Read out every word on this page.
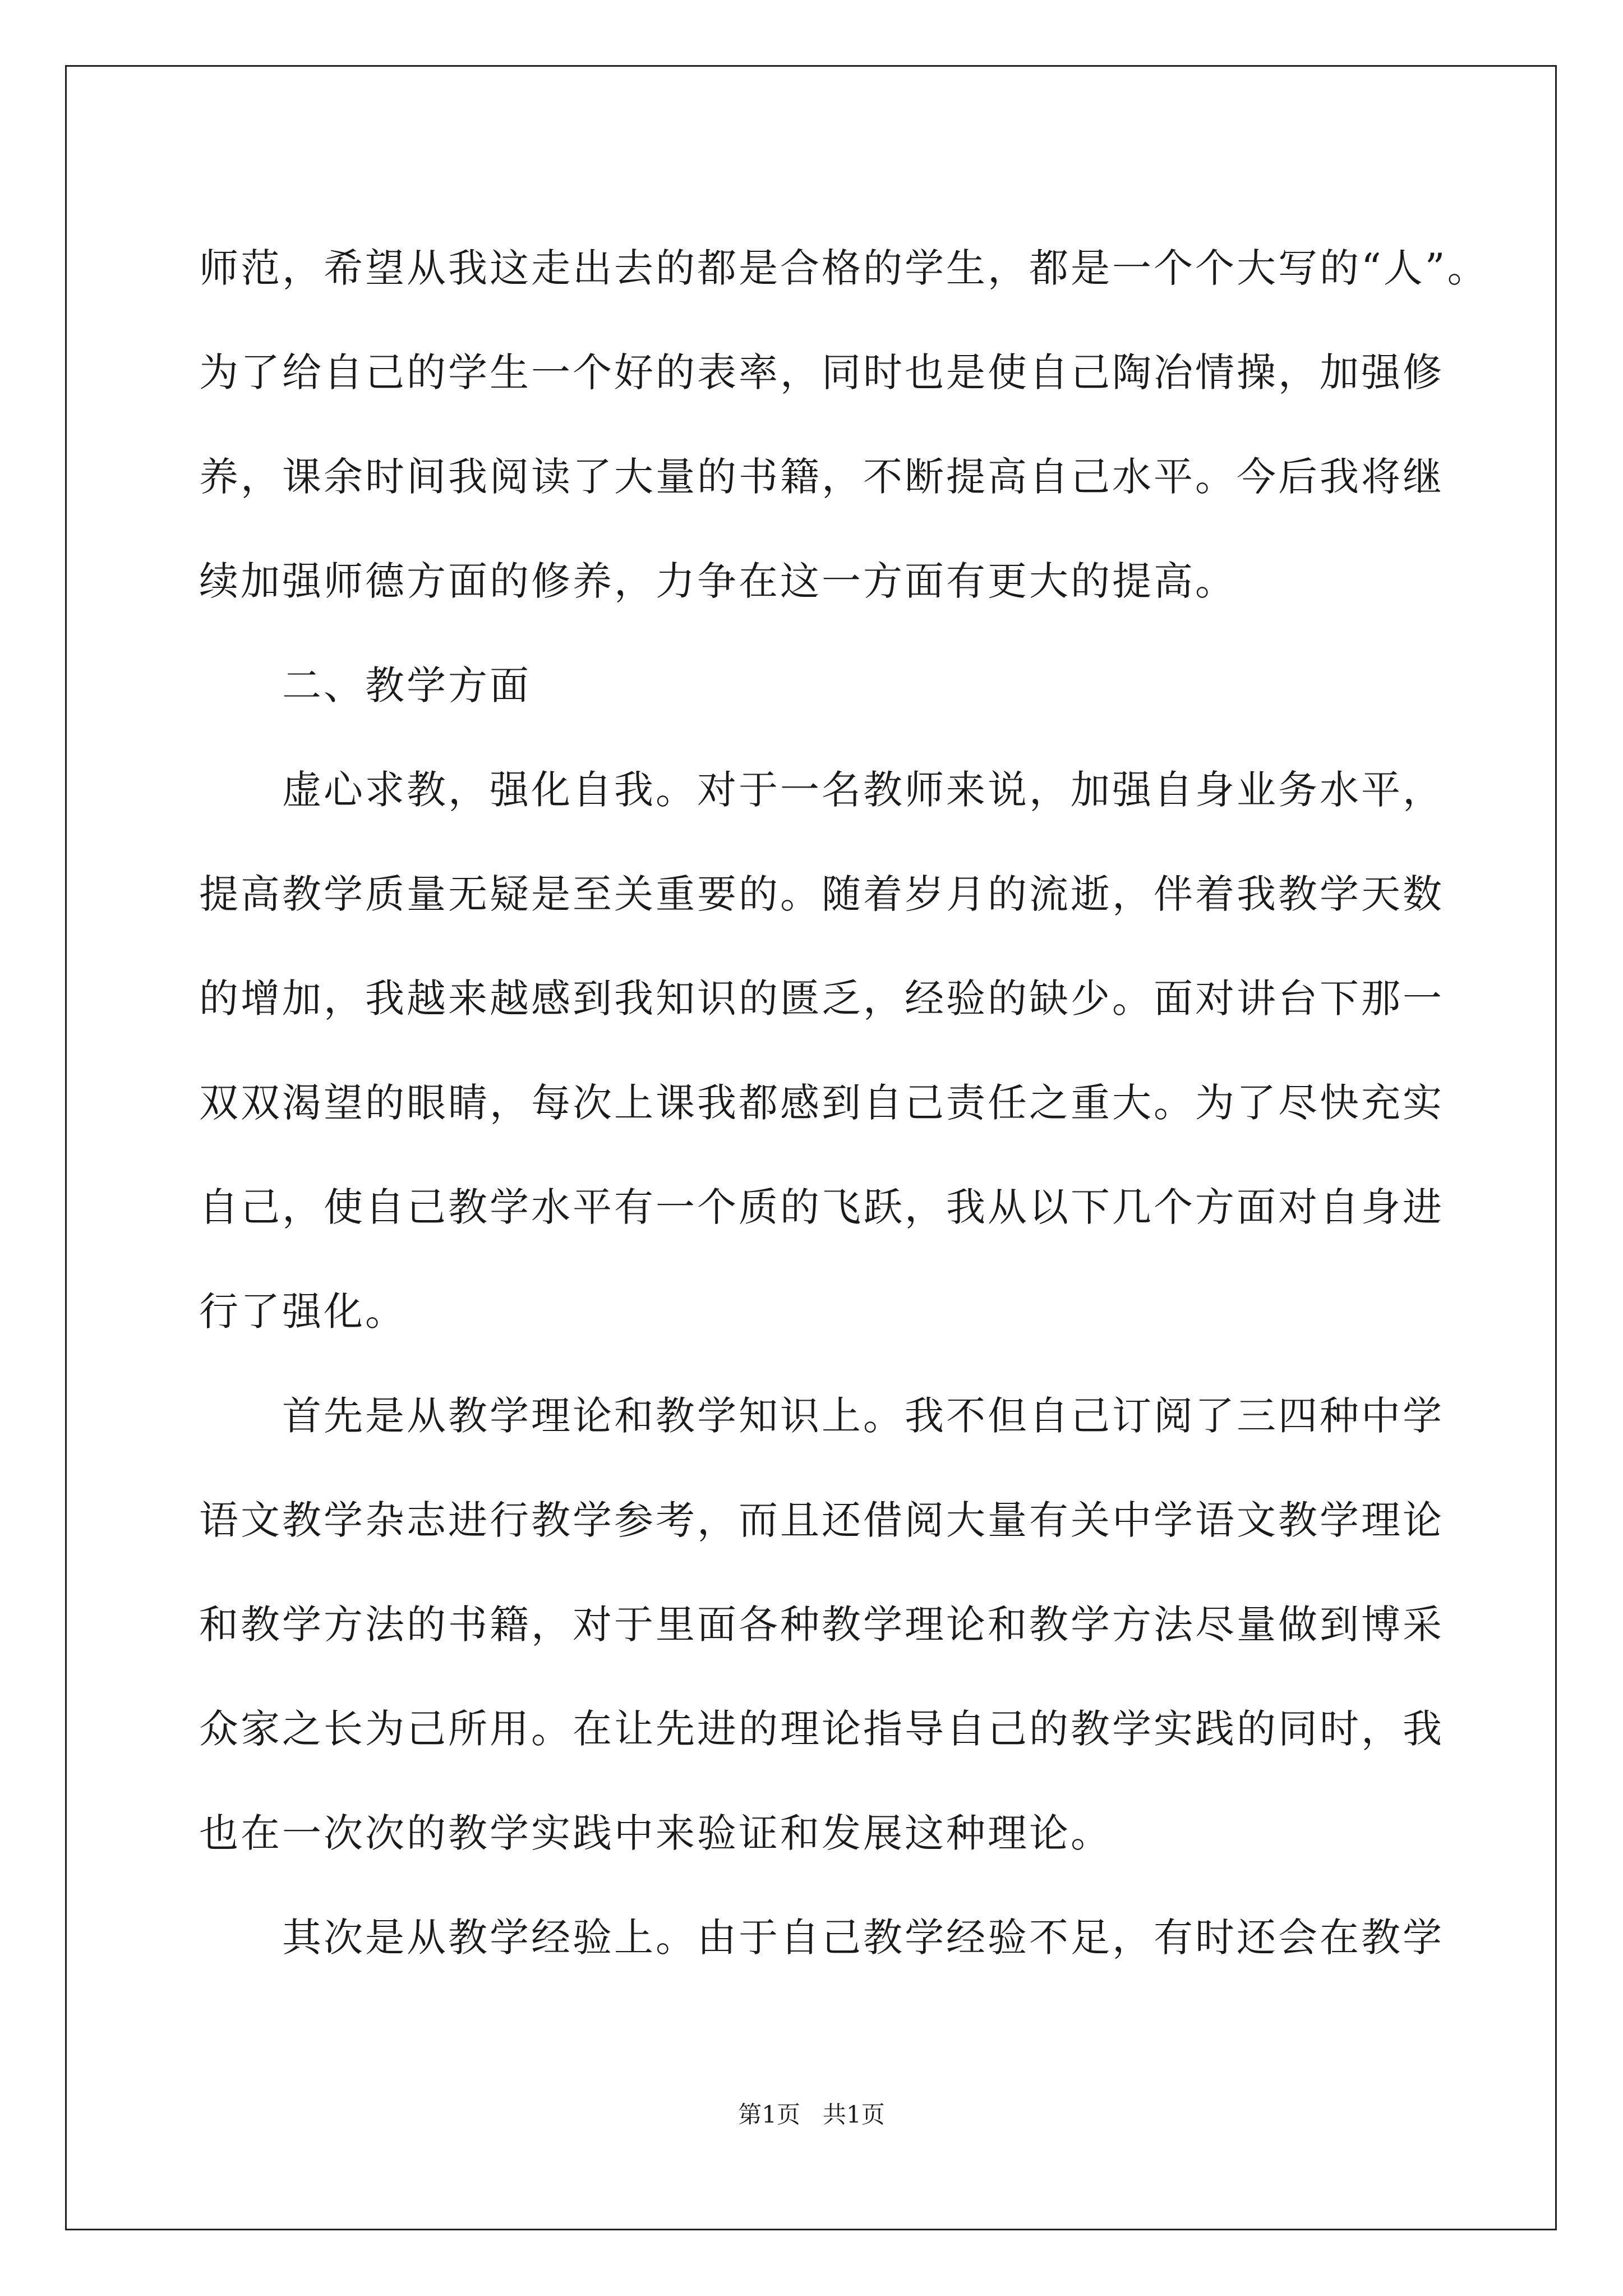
师范，希望从我这走出去的都是合格的学生，都是一个个大写的“人”。
为了给自己的学生一个好的表率，同时也是使自己陶冶情操，加强修
养，课余时间我阅读了大量的书籍，不断提高自己水平。今后我将继
续加强师德方面的修养，力争在这一方面有更大的提高。
二、教学方面
虚心求教，强化自我。对于一名教师来说，加强自身业务水平，
提高教学质量无疑是至关重要的。随着岁月的流逝，伴着我教学天数
的增加，我越来越感到我知识的匮乏，经验的缺少。面对讲台下那一
双双渴望的眼睛，每次上课我都感到自己责任之重大。为了尽快充实
自己，使自己教学水平有一个质的飞跃，我从以下几个方面对自身进
行了强化。
首先是从教学理论和教学知识上。我不但自己订阅了三四种中学
语文教学杂志进行教学参考，而且还借阅大量有关中学语文教学理论
和教学方法的书籍，对于里面各种教学理论和教学方法尽量做到博采
众家之长为己所用。在让先进的理论指导自己的教学实践的同时，我
也在一次次的教学实践中来验证和发展这种理论。
其次是从教学经验上。由于自己教学经验不足，有时还会在教学
第1页   共1页
